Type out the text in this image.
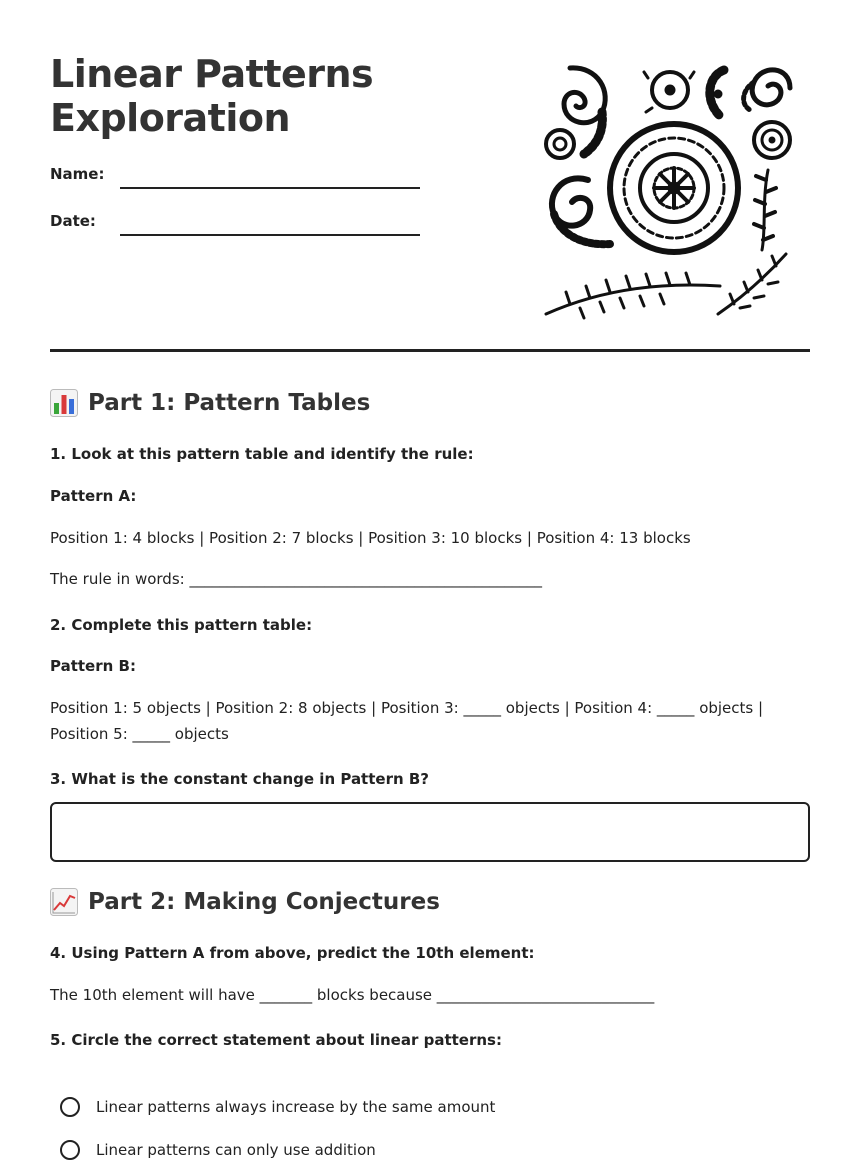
Linear Patterns
Exploration
Name:
Date:
Part 1: Pattern Tables

1. Look at this pattern table and identify the rule:

Pattern A:

Position 1: 4 blocks | Position 2: 7 blocks | Position 3: 10 blocks | Position 4: 13 blocks

The rule in words: _______________________________________________

2. Complete this pattern table:

Pattern B:

Position 1: 5 objects | Position 2: 8 objects | Position 3: _____ objects | Position 4: _____ objects | Position 5: _____ objects

3. What is the constant change in Pattern B?

Part 2: Making Conjectures

4. Using Pattern A from above, predict the 10th element:

The 10th element will have _______ blocks because _____________________________

5. Circle the correct statement about linear patterns:

Linear patterns always increase by the same amount
Linear patterns can only use addition
